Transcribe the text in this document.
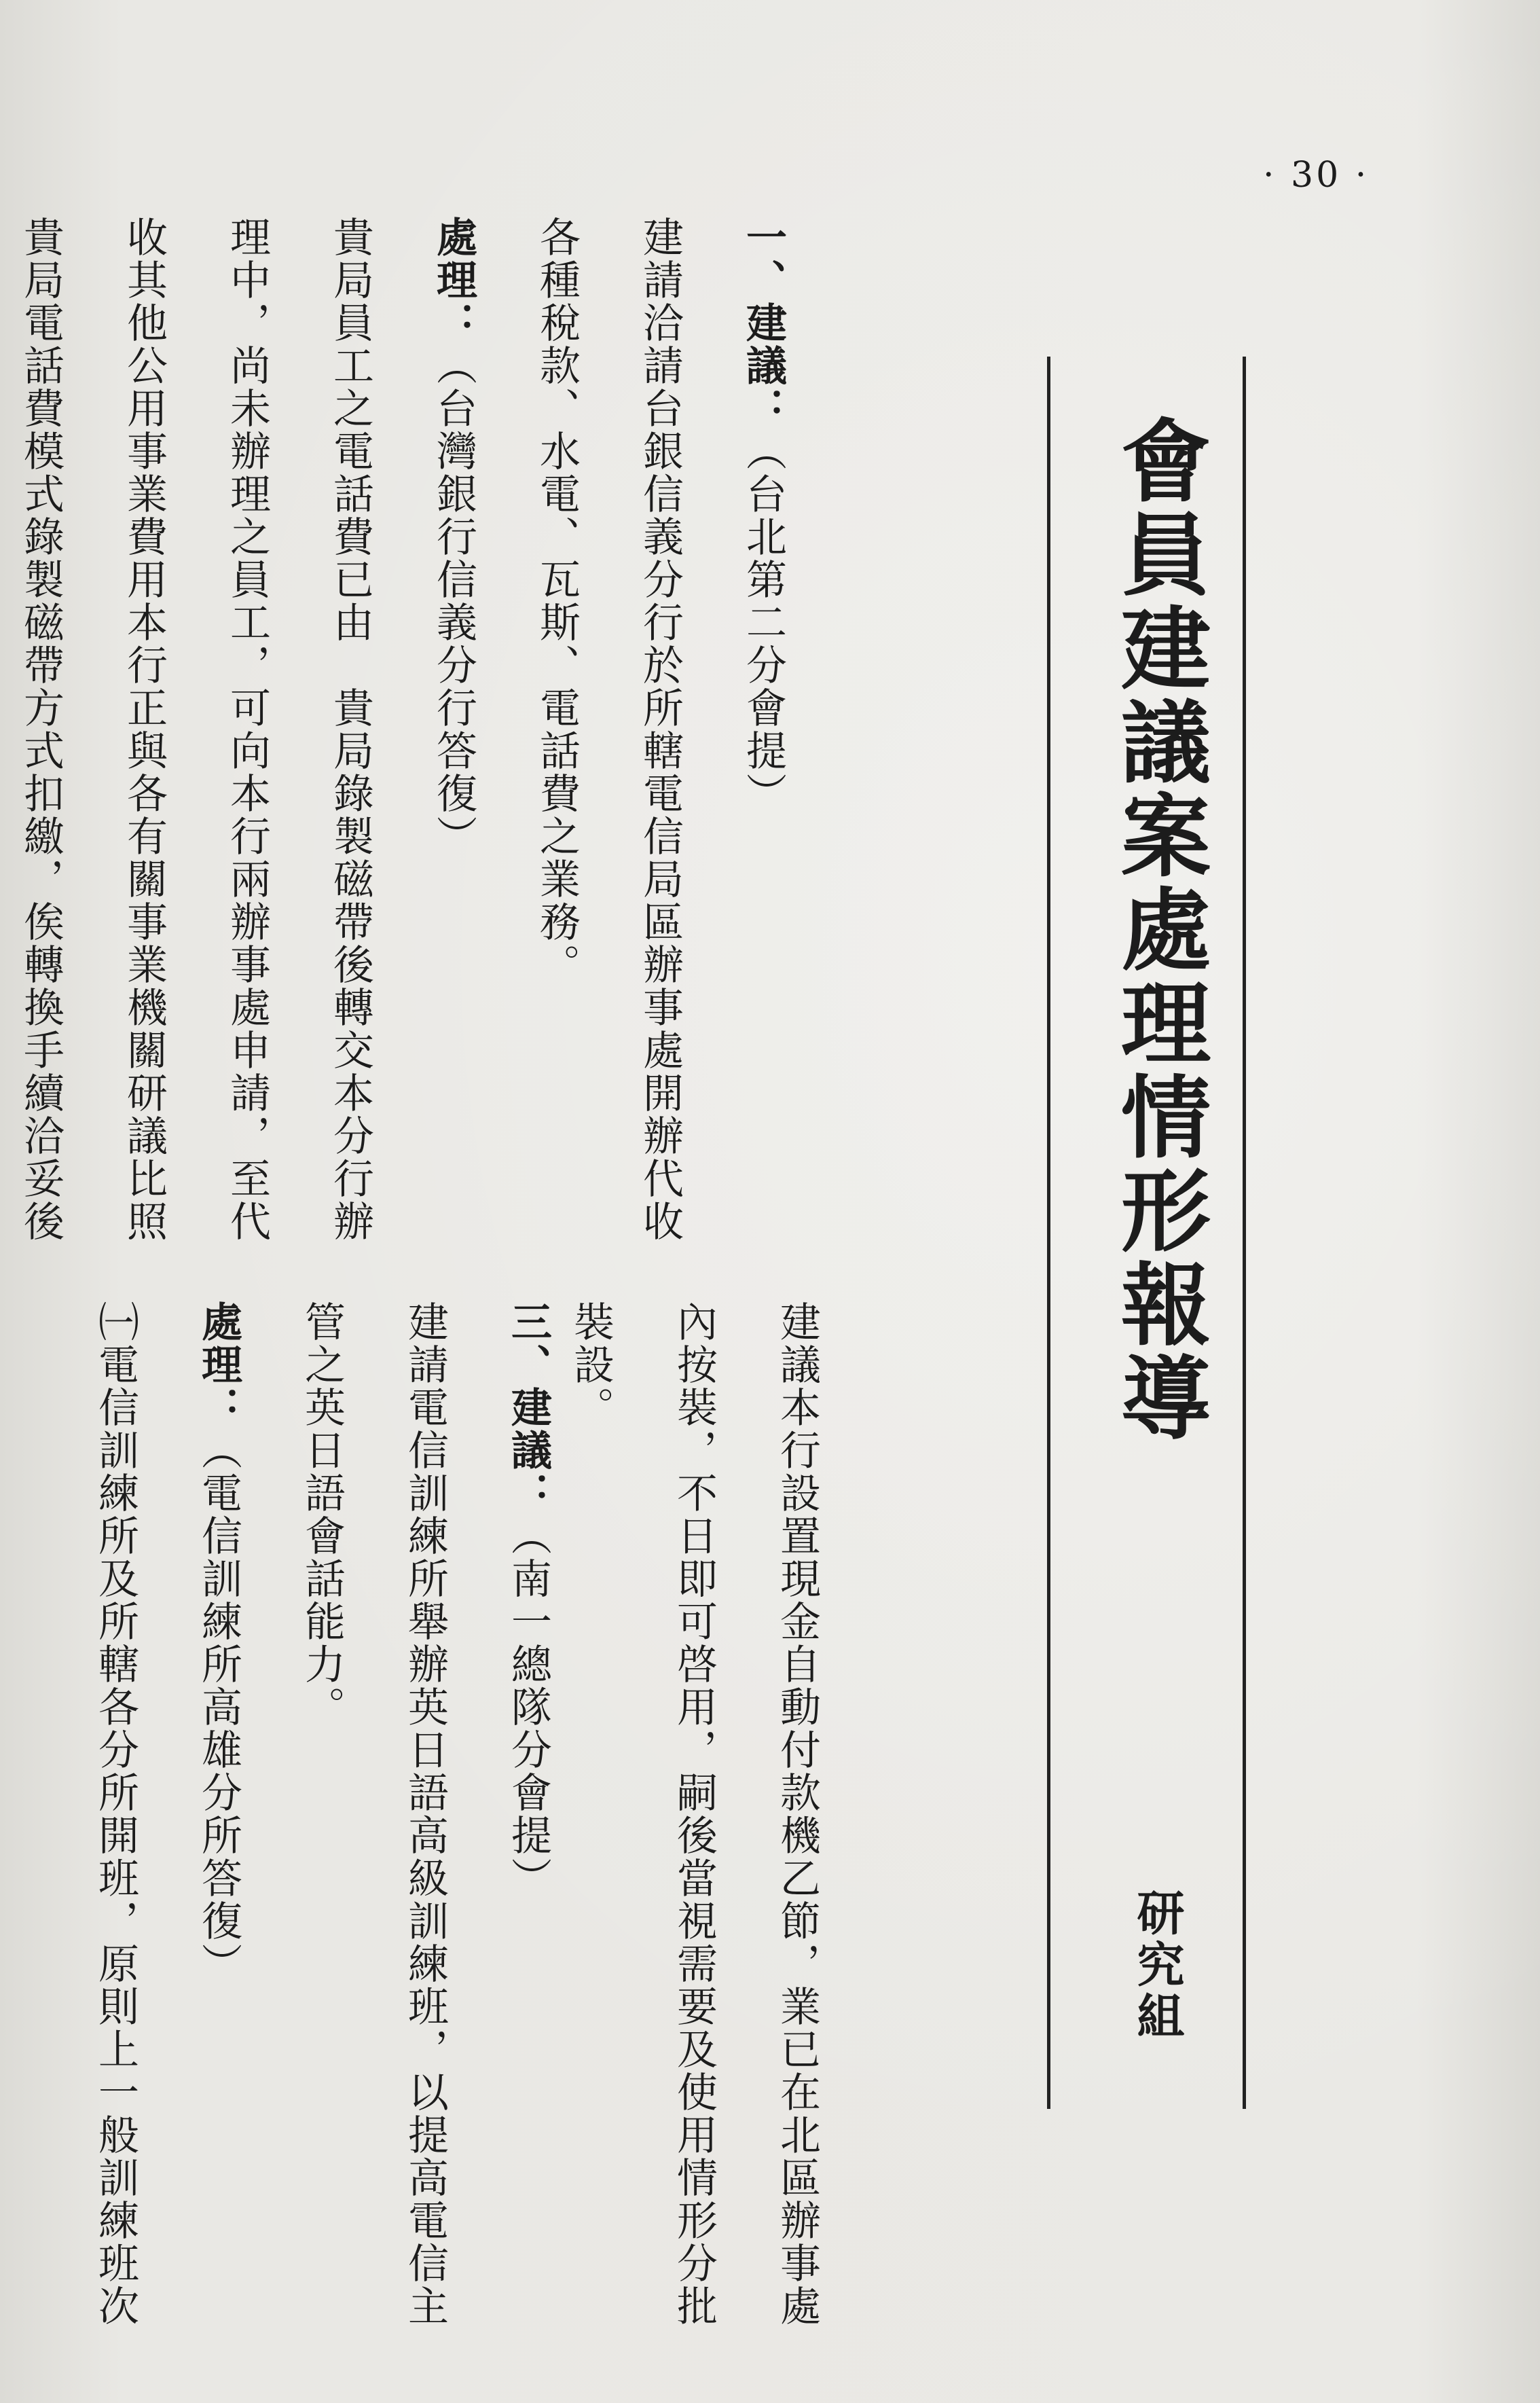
· 30 ·
會員建議案處理情形報導
研究組

一、建議：（台北第二分會提）

建請洽請台銀信義分行於所轄電信局區辦事處開辦代收

各種稅款、水電、瓦斯、電話費之業務。

處理：（台灣銀行信義分行答復）

貴局員工之電話費已由　貴局錄製磁帶後轉交本分行辦

理中，尚未辦理之員工，可向本行兩辦事處申請，至代

收其他公用事業費用本行正與各有關事業機關研議比照

貴局電話費模式錄製磁帶方式扣繳，俟轉換手續洽妥後

建議本行設置現金自動付款機乙節，業已在北區辦事處

內按裝，不日即可啓用，嗣後當視需要及使用情形分批

裝設。

三、建議：（南一總隊分會提）

建請電信訓練所舉辦英日語高級訓練班，以提高電信主

管之英日語會話能力。

處理：（電信訓練所高雄分所答復）

㈠電信訓練所及所轄各分所開班，原則上一般訓練班次
